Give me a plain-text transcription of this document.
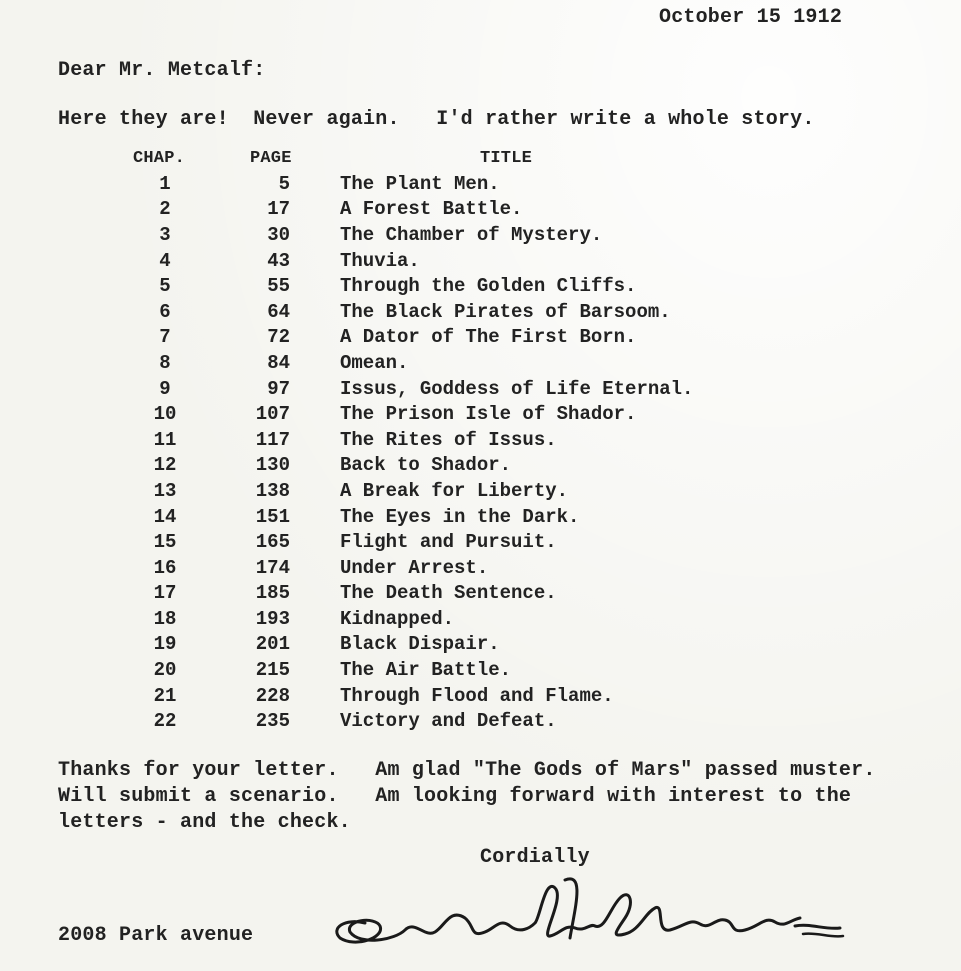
October 15 1912
Dear Mr. Metcalf:
Here they are!  Never again.   I'd rather write a whole story.
CHAP.	PAGE	TITLE
1	5	The Plant Men.
2	17	A Forest Battle.
3	30	The Chamber of Mystery.
4	43	Thuvia.
5	55	Through the Golden Cliffs.
6	64	The Black Pirates of Barsoom.
7	72	A Dator of The First Born.
8	84	Omean.
9	97	Issus, Goddess of Life Eternal.
10	107	The Prison Isle of Shador.
11	117	The Rites of Issus.
12	130	Back to Shador.
13	138	A Break for Liberty.
14	151	The Eyes in the Dark.
15	165	Flight and Pursuit.
16	174	Under Arrest.
17	185	The Death Sentence.
18	193	Kidnapped.
19	201	Black Dispair.
20	215	The Air Battle.
21	228	Through Flood and Flame.
22	235	Victory and Defeat.
Thanks for your letter.   Am glad "The Gods of Mars" passed muster.
Will submit a scenario.   Am looking forward with interest to the
letters - and the check.
Cordially
2008 Park avenue
